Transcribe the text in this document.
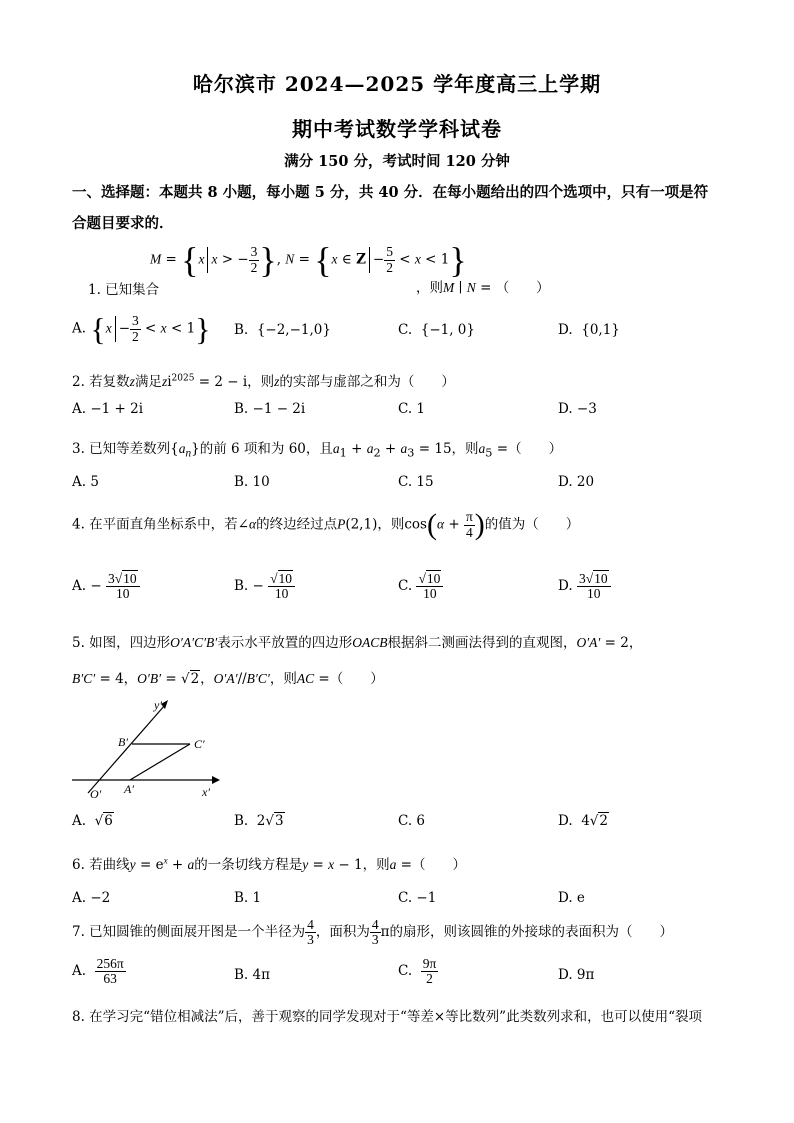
哈尔滨市 2024—2025 学年度高三上学期
期中考试数学学科试卷
满分 150 分，考试时间 120 分钟
一、选择题：本题共 8 小题，每小题 5 分，共 40 分．在每小题给出的四个选项中，只有一项是符合题目要求的．
1. 已知集合
M = {x x > − $\frac{3}{2}$ }, N = {x ∈ $Z - \frac{5}{2} < x < 1$}
，则M ∣ N = （　　）
A. $\{x - \frac{3}{2} < x < 1\}$ B. {−2,−1,0}	C. {−1, 0}	D. {0,1}
2. 若复数z满足$zi^{2025} = 2 - i$，则z的实部与虚部之和为（　　）
A. −1 + 2i	B. −1 − 2i	C. 1	D. −3
3. 已知等差数列$\{a_n\}$的前 6 项和为 60，且$a_1 + a_2 + a_3 = 15$，则$a_5$ =（　　）
A. 5	B. 10	C. 15	D. 20
4. 在平面直角坐标系中，若∠α的终边经过点P(2,1)，则$\cos(\alpha + \frac{\pi}{4}$ )的值为（　　）
A. − $\frac{3√10}{10}$	B. − $\frac{√10}{10}$	C. $\frac{√10}{10}$	D. $\frac{3√10}{10}$
5. 如图，四边形O′A′C′B′表示水平放置的四边形OACB根据斜二测画法得到的直观图，O′A′ = 2，
B′C′ = 4，O′B′ = √2，O′A′//B′C′，则AC =（　　）
y′
x′
O′ A′
B′	C′
A.  √6	B.  2√3	C. 6	D.  4√2
6. 若曲线$y = e^x + a$的一条切线方程是y = x − 1，则a =（　　）
A. −2	B. 1	C. −1	D. e
7. 已知圆锥的侧面展开图是一个半径为 $\frac{4}{3}$ ，面积为 $\frac{4}{3}$ π的扇形，则该圆锥的外接球的表面积为（　　）
A. $\frac{256\pi}{63}$	B. 4π	C. $\frac{9\pi}{2}$	D. 9π
8. 在学习完“错位相减法”后，善于观察的同学发现对于“等差×等比数列”此类数列求和，也可以使用“裂项
